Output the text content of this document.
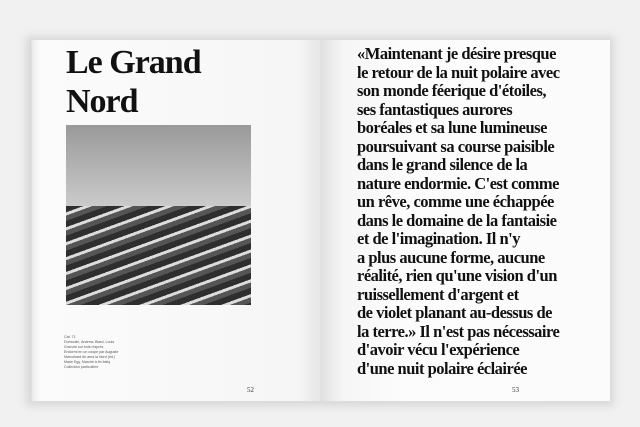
Le Grand
Nord
Cat. 71
Dumoulin, Andrew; Biard, Louis
Gravure sur bois d'après
Endormi en un coupe par Auguste
Marcuhard de ama la Nord (éd.)
Marie Egy, Marché à fin italiq
Collection particulière
52
«Maintenant je désire presque
le retour de la nuit polaire avec
son monde féerique d'étoiles,
ses fantastiques aurores
boréales et sa lune lumineuse
poursuivant sa course paisible
dans le grand silence de la
nature endormie. C'est comme
un rêve, comme une échappée
dans le domaine de la fantaisie
et de l'imagination. Il n'y
a plus aucune forme, aucune
réalité, rien qu'une vision d'un
ruissellement d'argent et
de violet planant au-dessus de
la terre.» Il n'est pas nécessaire
d'avoir vécu l'expérience
d'une nuit polaire éclairée
53
